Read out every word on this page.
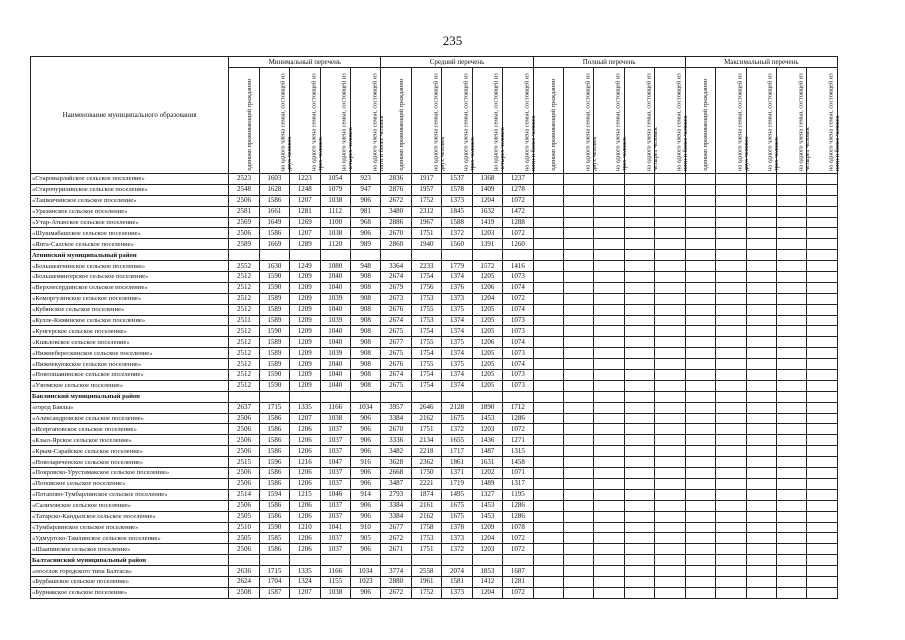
235
Наименование муниципального образования	Минимальный перечень					Средний перечень					Полный перечень					Максимальный перечень				

	одиноко проживающий гражданин	на одного члена семьи, состоящей из двух человек	на одного члена семьи, состоящей из трех человек	на одного члена семьи, состоящей из четырех человек	на одного члена семьи, состоящей из пяти и более человек	одиноко проживающий гражданин	на одного члена семьи, состоящей из двух человек	на одного члена семьи, состоящей из трех человек	на одного члена семьи, состоящей из четырех человек	на одного члена семьи, состоящей из пяти и более человек	одиноко проживающий гражданин	на одного члена семьи, состоящей из двух человек	на одного члена семьи, состоящей из трех человек	на одного члена семьи, состоящей из четырех человек	на одного члена семьи, состоящей из пяти и более человек	одиноко проживающий гражданин	на одного члена семьи, состоящей из двух человек	на одного члена семьи, состоящей из трех человек	на одного члена семьи, состоящей из четырех человек	на одного члена семьи, состоящей из пяти и более человек

«Старовырлайское сельское поселение»	2523	1603	1223	1054	923	2836	1917	1537	1368	1237										
«Старочурилинское сельское поселение»	2548	1628	1248	1079	947	2876	1957	1578	1409	1278										
«Ташкичинское сельское поселение»	2506	1586	1207	1038	906	2672	1752	1373	1204	1072										
«Уразинское сельское поселение»	2581	1661	1281	1112	981	3480	2312	1845	1632	1472										
«Утар-Атынское сельское поселение»	2569	1649	1269	1100	968	2886	1967	1588	1419	1288										
«Шушмабашское сельское поселение»	2506	1586	1207	1038	906	2670	1751	1372	1203	1072										
«Янга-Салское сельское поселение»	2589	1669	1289	1120	989	2860	1940	1560	1391	1260										
Атнинский муниципальный район																				
«Большеатнинское сельское поселение»	2552	1630	1249	1080	948	3364	2233	1779	1572	1416										
«Большемянгерское сельское поселение»	2512	1590	1209	1040	908	2674	1754	1374	1205	1073										
«Верхнесердинское сельское поселение»	2512	1590	1209	1040	908	2679	1756	1376	1206	1074										
«Коморгузинское сельское поселение»	2512	1589	1209	1039	908	2673	1753	1373	1204	1072										
«Кубянское сельское поселение»	2512	1589	1209	1040	908	2676	1755	1375	1205	1074										
«Кулле-Киминское сельское поселение»	2511	1589	1209	1039	908	2674	1753	1374	1205	1073										
«Кунгерское сельское поселение»	2512	1590	1209	1040	908	2675	1754	1374	1205	1073										
«Кшкловское сельское поселение»	2512	1589	1209	1040	908	2677	1755	1375	1206	1074										
«Нижнеберескинское сельское поселение»	2512	1589	1209	1039	908	2675	1754	1374	1205	1073										
«Нижнекуюкское сельское поселение»	2512	1589	1209	1040	908	2676	1755	1375	1205	1074										
«Новоошаиинское сельское поселение»	2512	1590	1209	1040	908	2674	1754	1374	1205	1073										
«Узюмское сельское поселение»	2512	1590	1209	1040	908	2675	1754	1374	1205	1073										
Бавлинский муниципальный район																				
«город Бавлы»	2637	1715	1335	1166	1034	3957	2646	2128	1890	1712										
«Александровское сельское поселение»	2506	1586	1207	1038	906	3384	2162	1675	1453	1286										
«Исергаповское сельское поселение»	2506	1586	1206	1037	906	2670	1751	1372	1203	1072										
«Кзыл-Ярское сельское поселение»	2506	1586	1206	1037	906	3336	2134	1655	1436	1271										
«Крым-Сарайское сельское поселение»	2506	1586	1206	1037	906	3482	2218	1717	1487	1315										
«Новозареченское сельское поселение»	2515	1596	1216	1047	916	3628	2362	1861	1631	1458										
«Покровско-Урустамакское сельское поселение»	2506	1586	1206	1037	906	2668	1750	1371	1202	1071										
«Поповское сельское поселение»	2506	1586	1206	1037	906	3487	2221	1719	1489	1317										
«Потапово-Тумбарлинское сельское поселение»	2514	1594	1215	1046	914	2793	1874	1495	1327	1195										
«Салиховское сельское поселение»	2506	1586	1206	1037	906	3384	2161	1675	1453	1286										
«Татарско-Кандызское сельское поселение»	2505	1586	1206	1037	906	3384	2162	1675	1453	1286										
«Тумбарлинское сельское поселение»	2510	1590	1210	1041	910	2677	1758	1378	1209	1078										
«Удмуртско-Тамлинское сельское поселение»	2505	1585	1206	1037	905	2672	1753	1373	1204	1072										
«Шаапинское сельское поселение»	2506	1586	1206	1037	906	2671	1751	1372	1203	1072										
Балтасинский муниципальный район																				
«поселок городского типа Балтаси»	2636	1715	1335	1166	1034	3774	2558	2074	1853	1687										
«Бурбашское сельское поселение»	2624	1704	1324	1155	1023	2880	1961	1581	1412	1281										
«Бурнакское сельское поселение»	2508	1587	1207	1038	906	2672	1752	1373	1204	1072										
